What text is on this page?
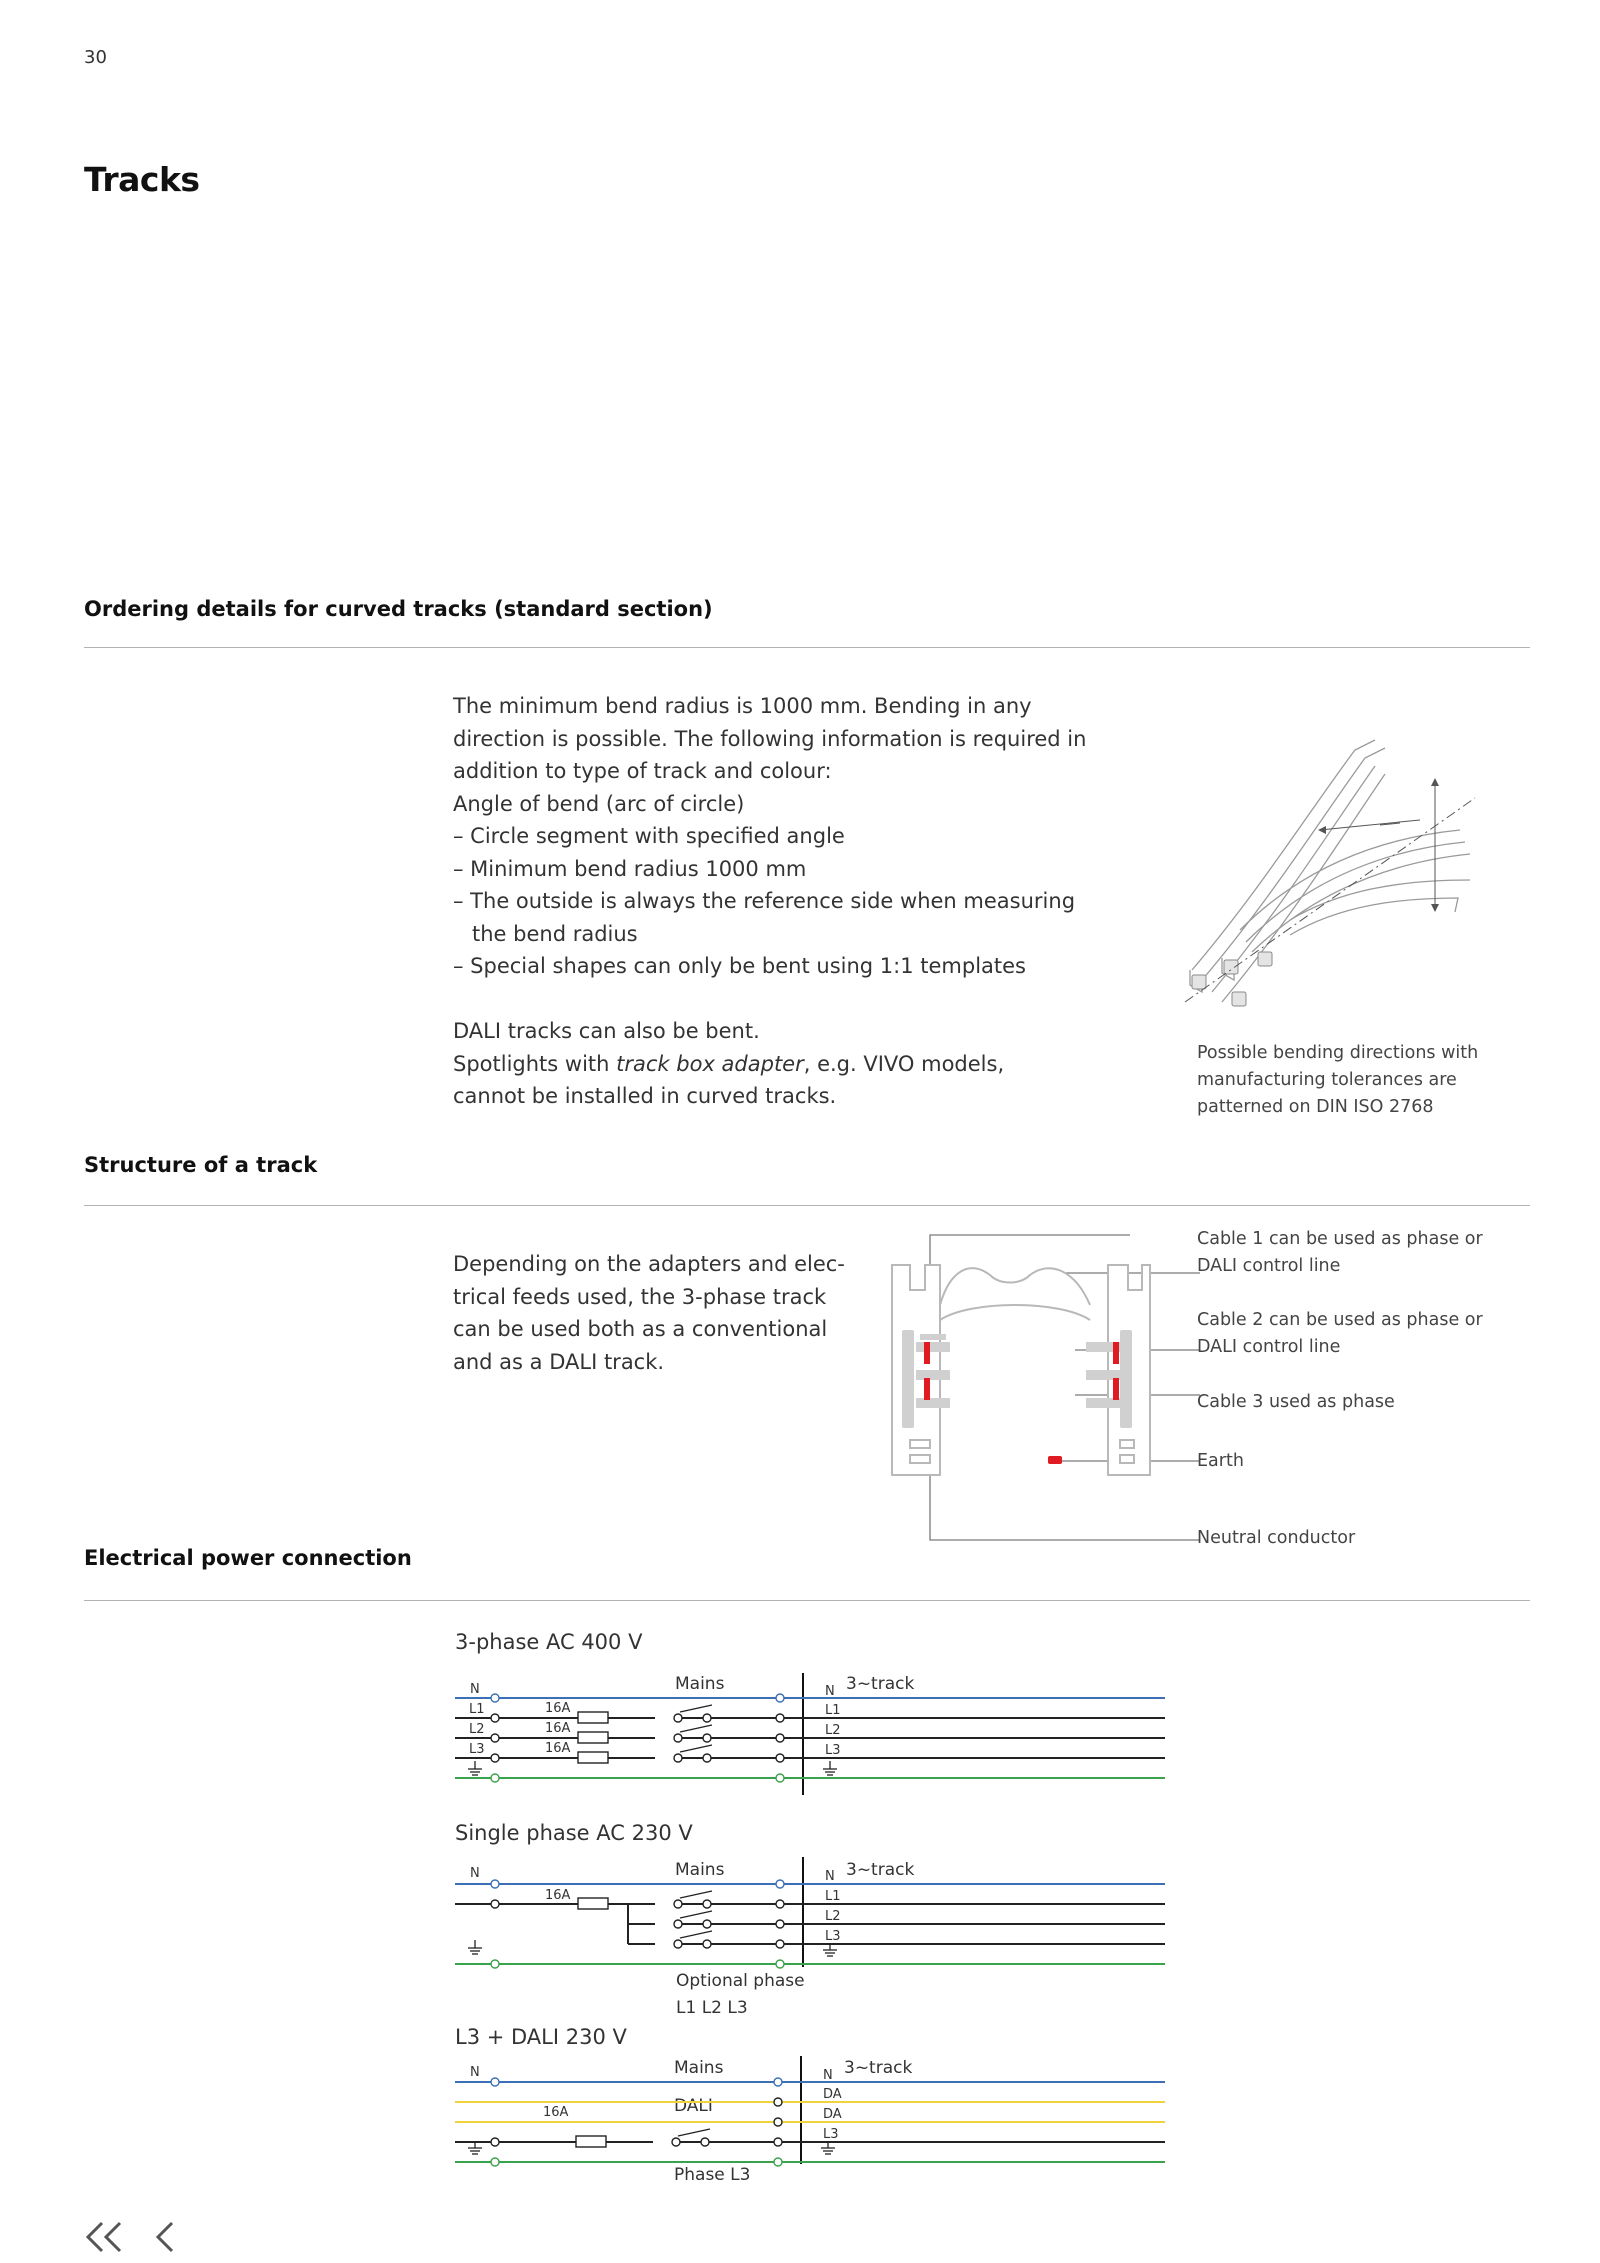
30
Tracks
Ordering details for curved tracks (standard section)

The minimum bend radius is 1000 mm. Bending in any

direction is possible. The following information is required in

addition to type of track and colour:

Angle of bend (arc of circle)

– Circle segment with specified angle

– Minimum bend radius 1000 mm

– The outside is always the reference side when measuring

the bend radius

– Special shapes can only be bent using 1:1 templates

DALI tracks can also be bent.

Spotlights with track box adapter, e.g. VIVO models,

cannot be installed in curved tracks.

Possible bending directions with

manufacturing tolerances are

patterned on DIN ISO 2768

Structure of a track

Depending on the adapters and elec-

trical feeds used, the 3-phase track

can be used both as a conventional

and as a DALI track.

Cable 1 can be used as phase or

DALI control line

Cable 2 can be used as phase or

DALI control line

Cable 3 used as phase
Earth
Neutral conductor
Electrical power connection
3-phase AC 400 V
N
L1
L2
L3
16A
16A
16A
N
L1
L2
L3
Mains	3~track
Single phase AC 230 V
N
16A
N
L1
L2
L3
Mains	3~track
Optional phase
L1 L2 L3
L3 + DALI 230 V
N
16A
N
DA
DA
L3
Mains	3~track
DALI
Phase L3
